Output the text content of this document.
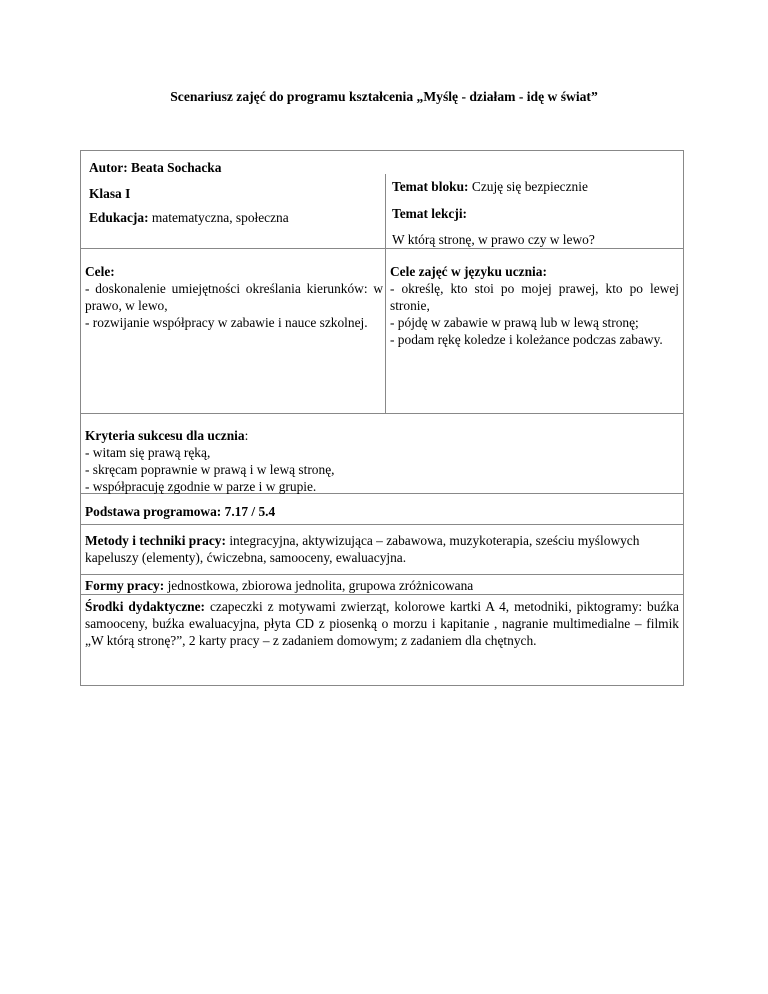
Scenariusz zajęć do programu kształcenia „Myślę - działam - idę w świat”
Autor: Beata Sochacka
Klasa I
Edukacja: matematyczna, społeczna
Temat bloku: Czuję się bezpiecznie
Temat lekcji:
W którą stronę, w prawo czy w lewo?
Cele:
- doskonalenie umiejętności określania kierunków: w prawo, w lewo,
- rozwijanie współpracy w zabawie i nauce szkolnej.
Cele zajęć w języku ucznia:
- określę, kto stoi po mojej prawej, kto po lewej stronie,
- pójdę w zabawie w prawą lub w lewą stronę;
- podam rękę koledze i koleżance podczas zabawy.
Kryteria sukcesu dla ucznia:
- witam się prawą ręką,
- skręcam poprawnie w prawą i w lewą stronę,
- współpracuję zgodnie w parze i w grupie.
Podstawa programowa: 7.17 / 5.4
Metody i techniki pracy: integracyjna, aktywizująca – zabawowa, muzykoterapia, sześciu myślowych kapeluszy (elementy), ćwiczebna, samooceny, ewaluacyjna.
Formy pracy: jednostkowa, zbiorowa jednolita, grupowa zróżnicowana
Środki dydaktyczne: czapeczki z motywami zwierząt, kolorowe kartki A 4, metodniki, piktogramy: buźka samooceny, buźka ewaluacyjna, płyta CD z piosenką o morzu i kapitanie , nagranie multimedialne – filmik „W którą stronę?”, 2 karty pracy – z zadaniem domowym; z zadaniem dla chętnych.
